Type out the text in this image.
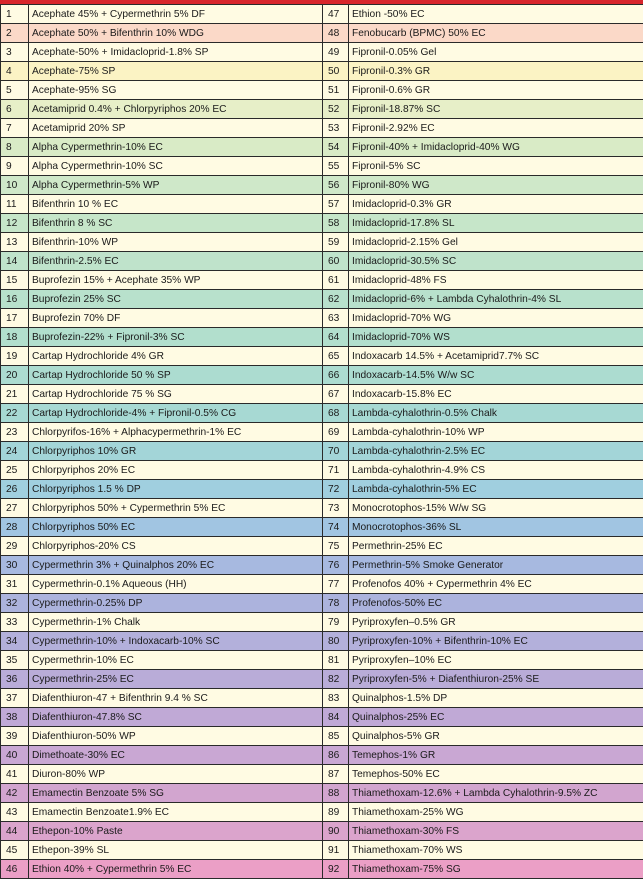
1	Acephate 45% + Cypermethrin 5% DF	47	Ethion -50% EC
2	Acephate 50% + Bifenthrin 10% WDG	48	Fenobucarb (BPMC) 50% EC
3	Acephate-50% + Imidacloprid-1.8% SP	49	Fipronil-0.05% Gel
4	Acephate-75% SP	50	Fipronil-0.3% GR
5	Acephate-95% SG	51	Fipronil-0.6% GR
6	Acetamiprid 0.4% + Chlorpyriphos 20% EC	52	Fipronil-18.87% SC
7	Acetamiprid 20% SP	53	Fipronil-2.92% EC
8	Alpha Cypermethrin-10% EC	54	Fipronil-40% + Imidacloprid-40% WG
9	Alpha Cypermethrin-10% SC	55	Fipronil-5% SC
10	Alpha Cypermethrin-5% WP	56	Fipronil-80% WG
11	Bifenthrin 10 % EC	57	Imidacloprid-0.3% GR
12	Bifenthrin 8 % SC	58	Imidacloprid-17.8% SL
13	Bifenthrin-10% WP	59	Imidacloprid-2.15% Gel
14	Bifenthrin-2.5% EC	60	Imidacloprid-30.5% SC
15	Buprofezin 15% + Acephate 35% WP	61	Imidacloprid-48% FS
16	Buprofezin 25% SC	62	Imidacloprid-6% + Lambda Cyhalothrin-4% SL
17	Buprofezin 70% DF	63	Imidacloprid-70% WG
18	Buprofezin-22% + Fipronil-3% SC	64	Imidacloprid-70% WS
19	Cartap Hydrochloride 4% GR	65	Indoxacarb 14.5% + Acetamiprid7.7% SC
20	Cartap Hydrochloride 50 % SP	66	Indoxacarb-14.5% W/w SC
21	Cartap Hydrochloride 75 % SG	67	Indoxacarb-15.8% EC
22	Cartap Hydrochloride-4% + Fipronil-0.5% CG	68	Lambda-cyhalothrin-0.5% Chalk
23	Chlorpyrifos-16% + Alphacypermethrin-1% EC	69	Lambda-cyhalothrin-10% WP
24	Chlorpyriphos 10% GR	70	Lambda-cyhalothrin-2.5% EC
25	Chlorpyriphos 20% EC	71	Lambda-cyhalothrin-4.9% CS
26	Chlorpyriphos 1.5 % DP	72	Lambda-cyhalothrin-5% EC
27	Chlorpyriphos 50% + Cypermethrin 5% EC	73	Monocrotophos-15% W/w SG
28	Chlorpyriphos 50% EC	74	Monocrotophos-36% SL
29	Chlorpyriphos-20% CS	75	Permethrin-25% EC
30	Cypermethrin 3% + Quinalphos 20% EC	76	Permethrin-5% Smoke Generator
31	Cypermethrin-0.1% Aqueous (HH)	77	Profenofos 40% + Cypermethrin 4% EC
32	Cypermethrin-0.25% DP	78	Profenofos-50% EC
33	Cypermethrin-1% Chalk	79	Pyriproxyfen–0.5% GR
34	Cypermethrin-10% + Indoxacarb-10% SC	80	Pyriproxyfen-10% + Bifenthrin-10% EC
35	Cypermethrin-10% EC	81	Pyriproxyfen–10% EC
36	Cypermethrin-25% EC	82	Pyriproxyfen-5% + Diafenthiuron-25% SE
37	Diafenthiuron-47 + Bifenthrin 9.4 % SC	83	Quinalphos-1.5% DP
38	Diafenthiuron-47.8% SC	84	Quinalphos-25% EC
39	Diafenthiuron-50% WP	85	Quinalphos-5% GR
40	Dimethoate-30% EC	86	Temephos-1% GR
41	Diuron-80% WP	87	Temephos-50% EC
42	Emamectin Benzoate 5% SG	88	Thiamethoxam-12.6% + Lambda Cyhalothrin-9.5% ZC
43	Emamectin Benzoate1.9% EC	89	Thiamethoxam-25% WG
44	Ethepon-10% Paste	90	Thiamethoxam-30% FS
45	Ethepon-39% SL	91	Thiamethoxam-70% WS
46	Ethion 40% + Cypermethrin 5% EC	92	Thiamethoxam-75% SG
